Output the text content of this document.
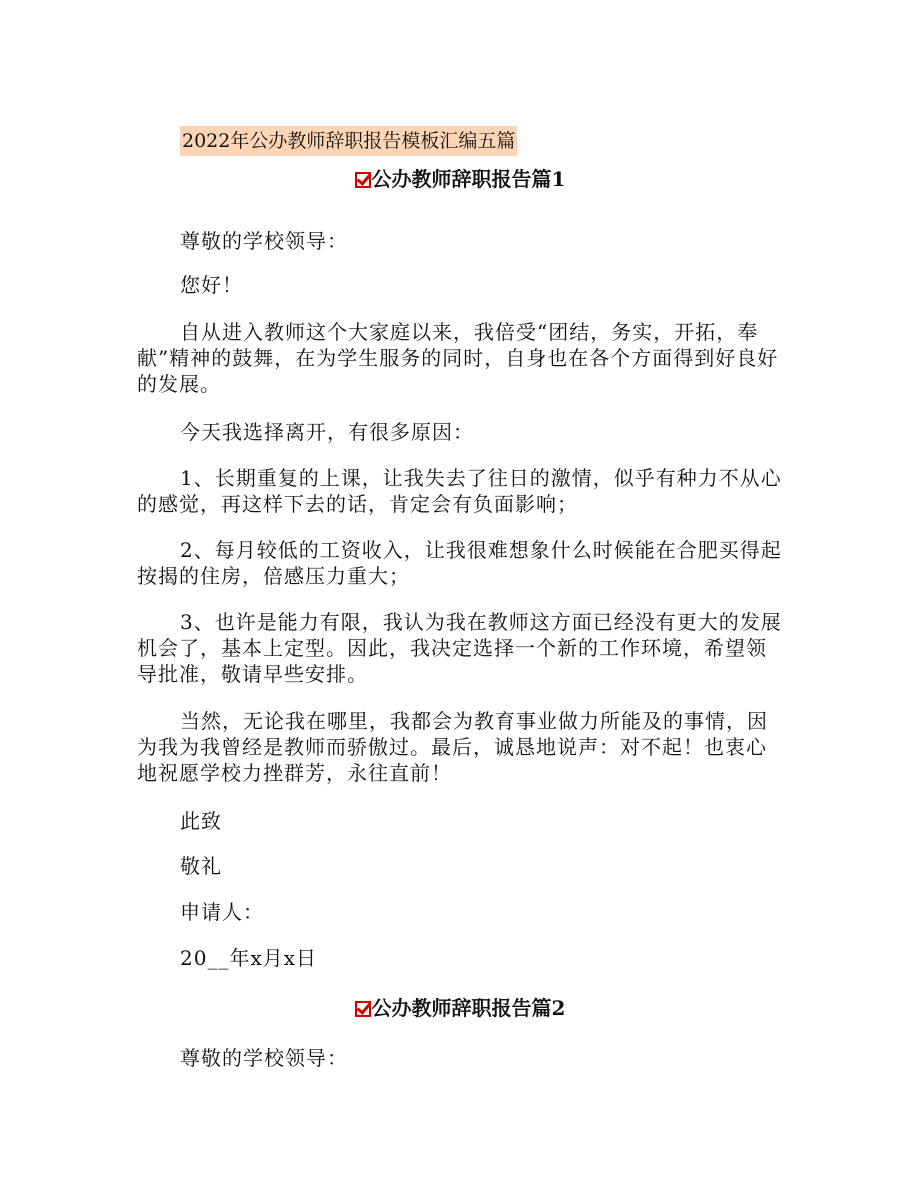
2022年公办教师辞职报告模板汇编五篇
公办教师辞职报告篇1

尊敬的学校领导：

您好！

自从进入教师这个大家庭以来，我倍受“团结，务实，开拓，奉献”精神的鼓舞，在为学生服务的同时，自身也在各个方面得到好良好的发展。

今天我选择离开，有很多原因：

1、长期重复的上课，让我失去了往日的激情，似乎有种力不从心的感觉，再这样下去的话，肯定会有负面影响；

2、每月较低的工资收入，让我很难想象什么时候能在合肥买得起按揭的住房，倍感压力重大；

3、也许是能力有限，我认为我在教师这方面已经没有更大的发展机会了，基本上定型。因此，我决定选择一个新的工作环境，希望领导批准，敬请早些安排。

当然，无论我在哪里，我都会为教育事业做力所能及的事情，因为我为我曾经是教师而骄傲过。最后，诚恳地说声：对不起！也衷心地祝愿学校力挫群芳，永往直前！

此致

敬礼

申请人：

20__年x月x日

公办教师辞职报告篇2

尊敬的学校领导：
